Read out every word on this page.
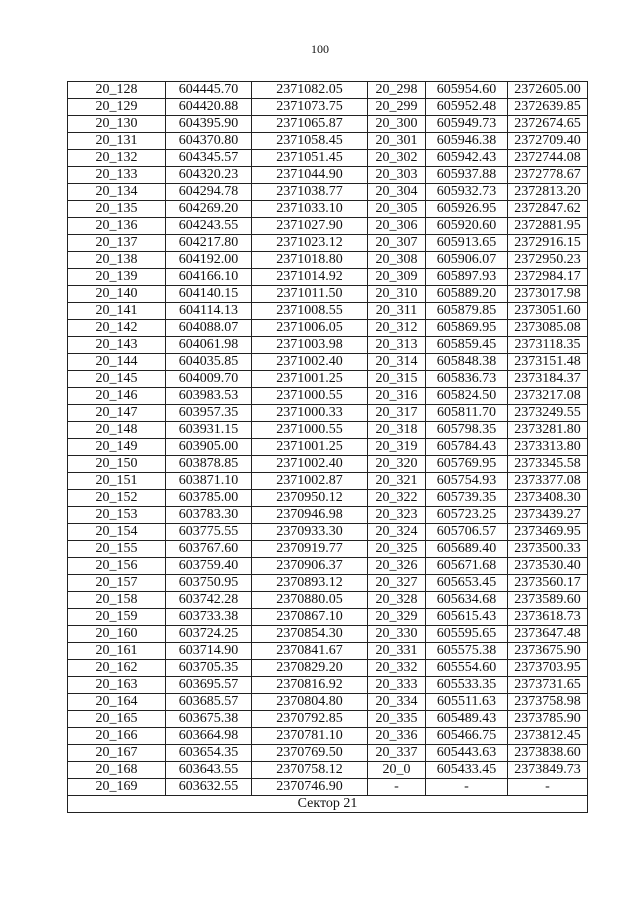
100
20_128	604445.70	2371082.05	20_298	605954.60	2372605.00
20_129	604420.88	2371073.75	20_299	605952.48	2372639.85
20_130	604395.90	2371065.87	20_300	605949.73	2372674.65
20_131	604370.80	2371058.45	20_301	605946.38	2372709.40
20_132	604345.57	2371051.45	20_302	605942.43	2372744.08
20_133	604320.23	2371044.90	20_303	605937.88	2372778.67
20_134	604294.78	2371038.77	20_304	605932.73	2372813.20
20_135	604269.20	2371033.10	20_305	605926.95	2372847.62
20_136	604243.55	2371027.90	20_306	605920.60	2372881.95
20_137	604217.80	2371023.12	20_307	605913.65	2372916.15
20_138	604192.00	2371018.80	20_308	605906.07	2372950.23
20_139	604166.10	2371014.92	20_309	605897.93	2372984.17
20_140	604140.15	2371011.50	20_310	605889.20	2373017.98
20_141	604114.13	2371008.55	20_311	605879.85	2373051.60
20_142	604088.07	2371006.05	20_312	605869.95	2373085.08
20_143	604061.98	2371003.98	20_313	605859.45	2373118.35
20_144	604035.85	2371002.40	20_314	605848.38	2373151.48
20_145	604009.70	2371001.25	20_315	605836.73	2373184.37
20_146	603983.53	2371000.55	20_316	605824.50	2373217.08
20_147	603957.35	2371000.33	20_317	605811.70	2373249.55
20_148	603931.15	2371000.55	20_318	605798.35	2373281.80
20_149	603905.00	2371001.25	20_319	605784.43	2373313.80
20_150	603878.85	2371002.40	20_320	605769.95	2373345.58
20_151	603871.10	2371002.87	20_321	605754.93	2373377.08
20_152	603785.00	2370950.12	20_322	605739.35	2373408.30
20_153	603783.30	2370946.98	20_323	605723.25	2373439.27
20_154	603775.55	2370933.30	20_324	605706.57	2373469.95
20_155	603767.60	2370919.77	20_325	605689.40	2373500.33
20_156	603759.40	2370906.37	20_326	605671.68	2373530.40
20_157	603750.95	2370893.12	20_327	605653.45	2373560.17
20_158	603742.28	2370880.05	20_328	605634.68	2373589.60
20_159	603733.38	2370867.10	20_329	605615.43	2373618.73
20_160	603724.25	2370854.30	20_330	605595.65	2373647.48
20_161	603714.90	2370841.67	20_331	605575.38	2373675.90
20_162	603705.35	2370829.20	20_332	605554.60	2373703.95
20_163	603695.57	2370816.92	20_333	605533.35	2373731.65
20_164	603685.57	2370804.80	20_334	605511.63	2373758.98
20_165	603675.38	2370792.85	20_335	605489.43	2373785.90
20_166	603664.98	2370781.10	20_336	605466.75	2373812.45
20_167	603654.35	2370769.50	20_337	605443.63	2373838.60
20_168	603643.55	2370758.12	20_0	605433.45	2373849.73
20_169	603632.55	2370746.90	-	-	-
Сектор 21					
